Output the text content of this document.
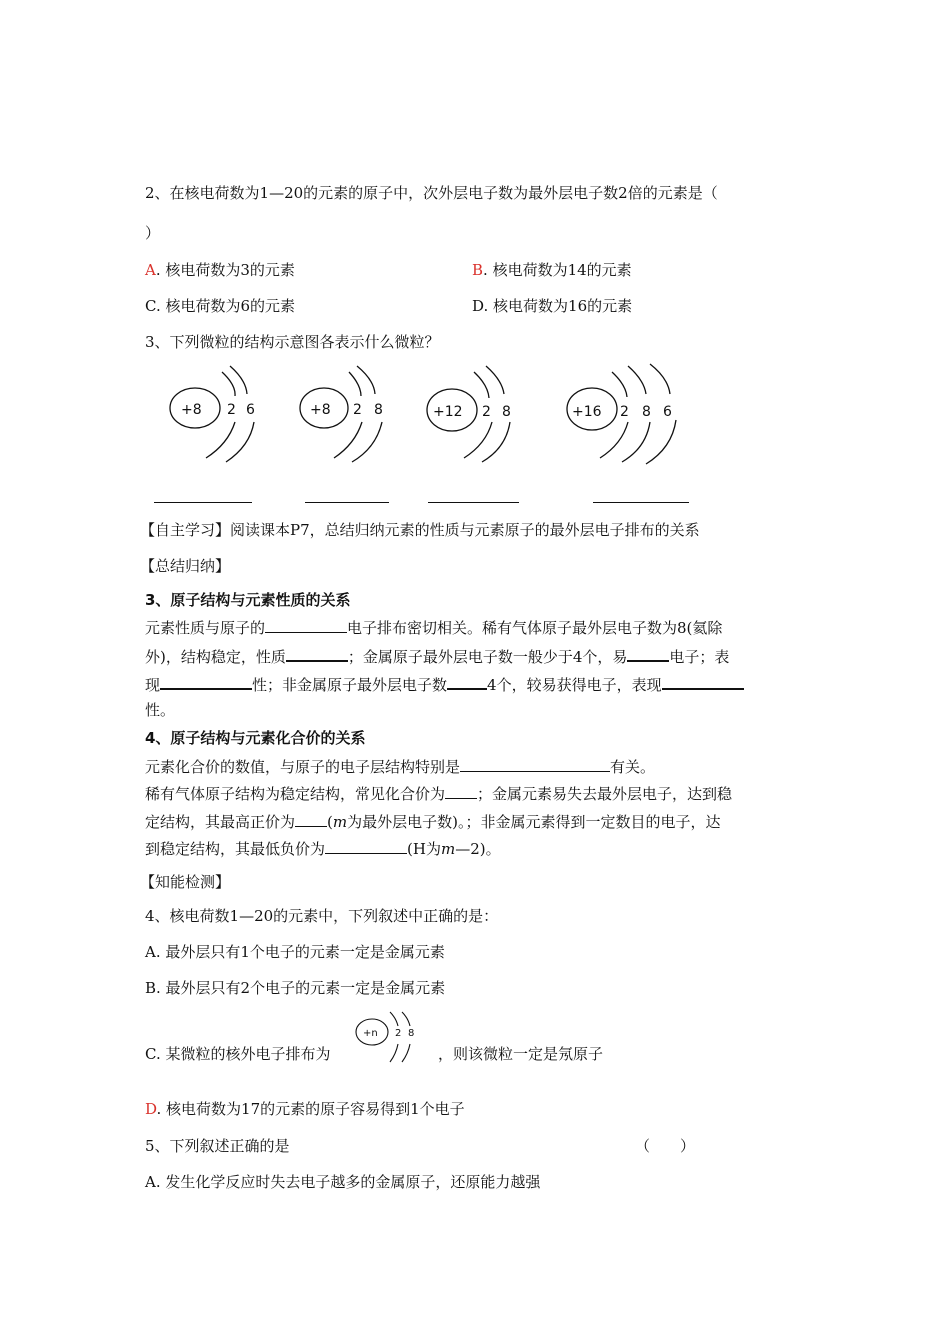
2、在核电荷数为1—20的元素的原子中，次外层电子数为最外层电子数2倍的元素是（
）
A. 核电荷数为3的元素	B. 核电荷数为14的元素
C. 核电荷数为6的元素	D. 核电荷数为16的元素
3、下列微粒的结构示意图各表示什么微粒？
+8 2 6	+8 2 8	+12 2 8	+16 2 8 6
【自主学习】阅读课本P7，总结归纳元素的性质与元素原子的最外层电子排布的关系
【总结归纳】
3、原子结构与元素性质的关系
元素性质与原子的	电子排布密切相关。稀有气体原子最外层电子数为8(氦除
外)，结构稳定，性质	；金属原子最外层电子数一般少于4个，易	电子；表
现	性；非金属原子最外层电子数	4个，较易获得电子，表现
性。
4、原子结构与元素化合价的关系
元素化合价的数值，与原子的电子层结构特别是	有关。
稀有气体原子结构为稳定结构，常见化合价为 ；金属元素易失去最外层电子，达到稳
定结构，其最高正价为 (m为最外层电子数)。；非金属元素得到一定数目的电子，达
到稳定结构，其最低负价为	(H为m—2)。
【知能检测】
4、核电荷数1—20的元素中，下列叙述中正确的是：
A. 最外层只有1个电子的元素一定是金属元素
B. 最外层只有2个电子的元素一定是金属元素
+n 2 8
C. 某微粒的核外电子排布为	，则该微粒一定是氖原子
D. 核电荷数为17的元素的原子容易得到1个电子
5、下列叙述正确的是	（　　）
A. 发生化学反应时失去电子越多的金属原子，还原能力越强
